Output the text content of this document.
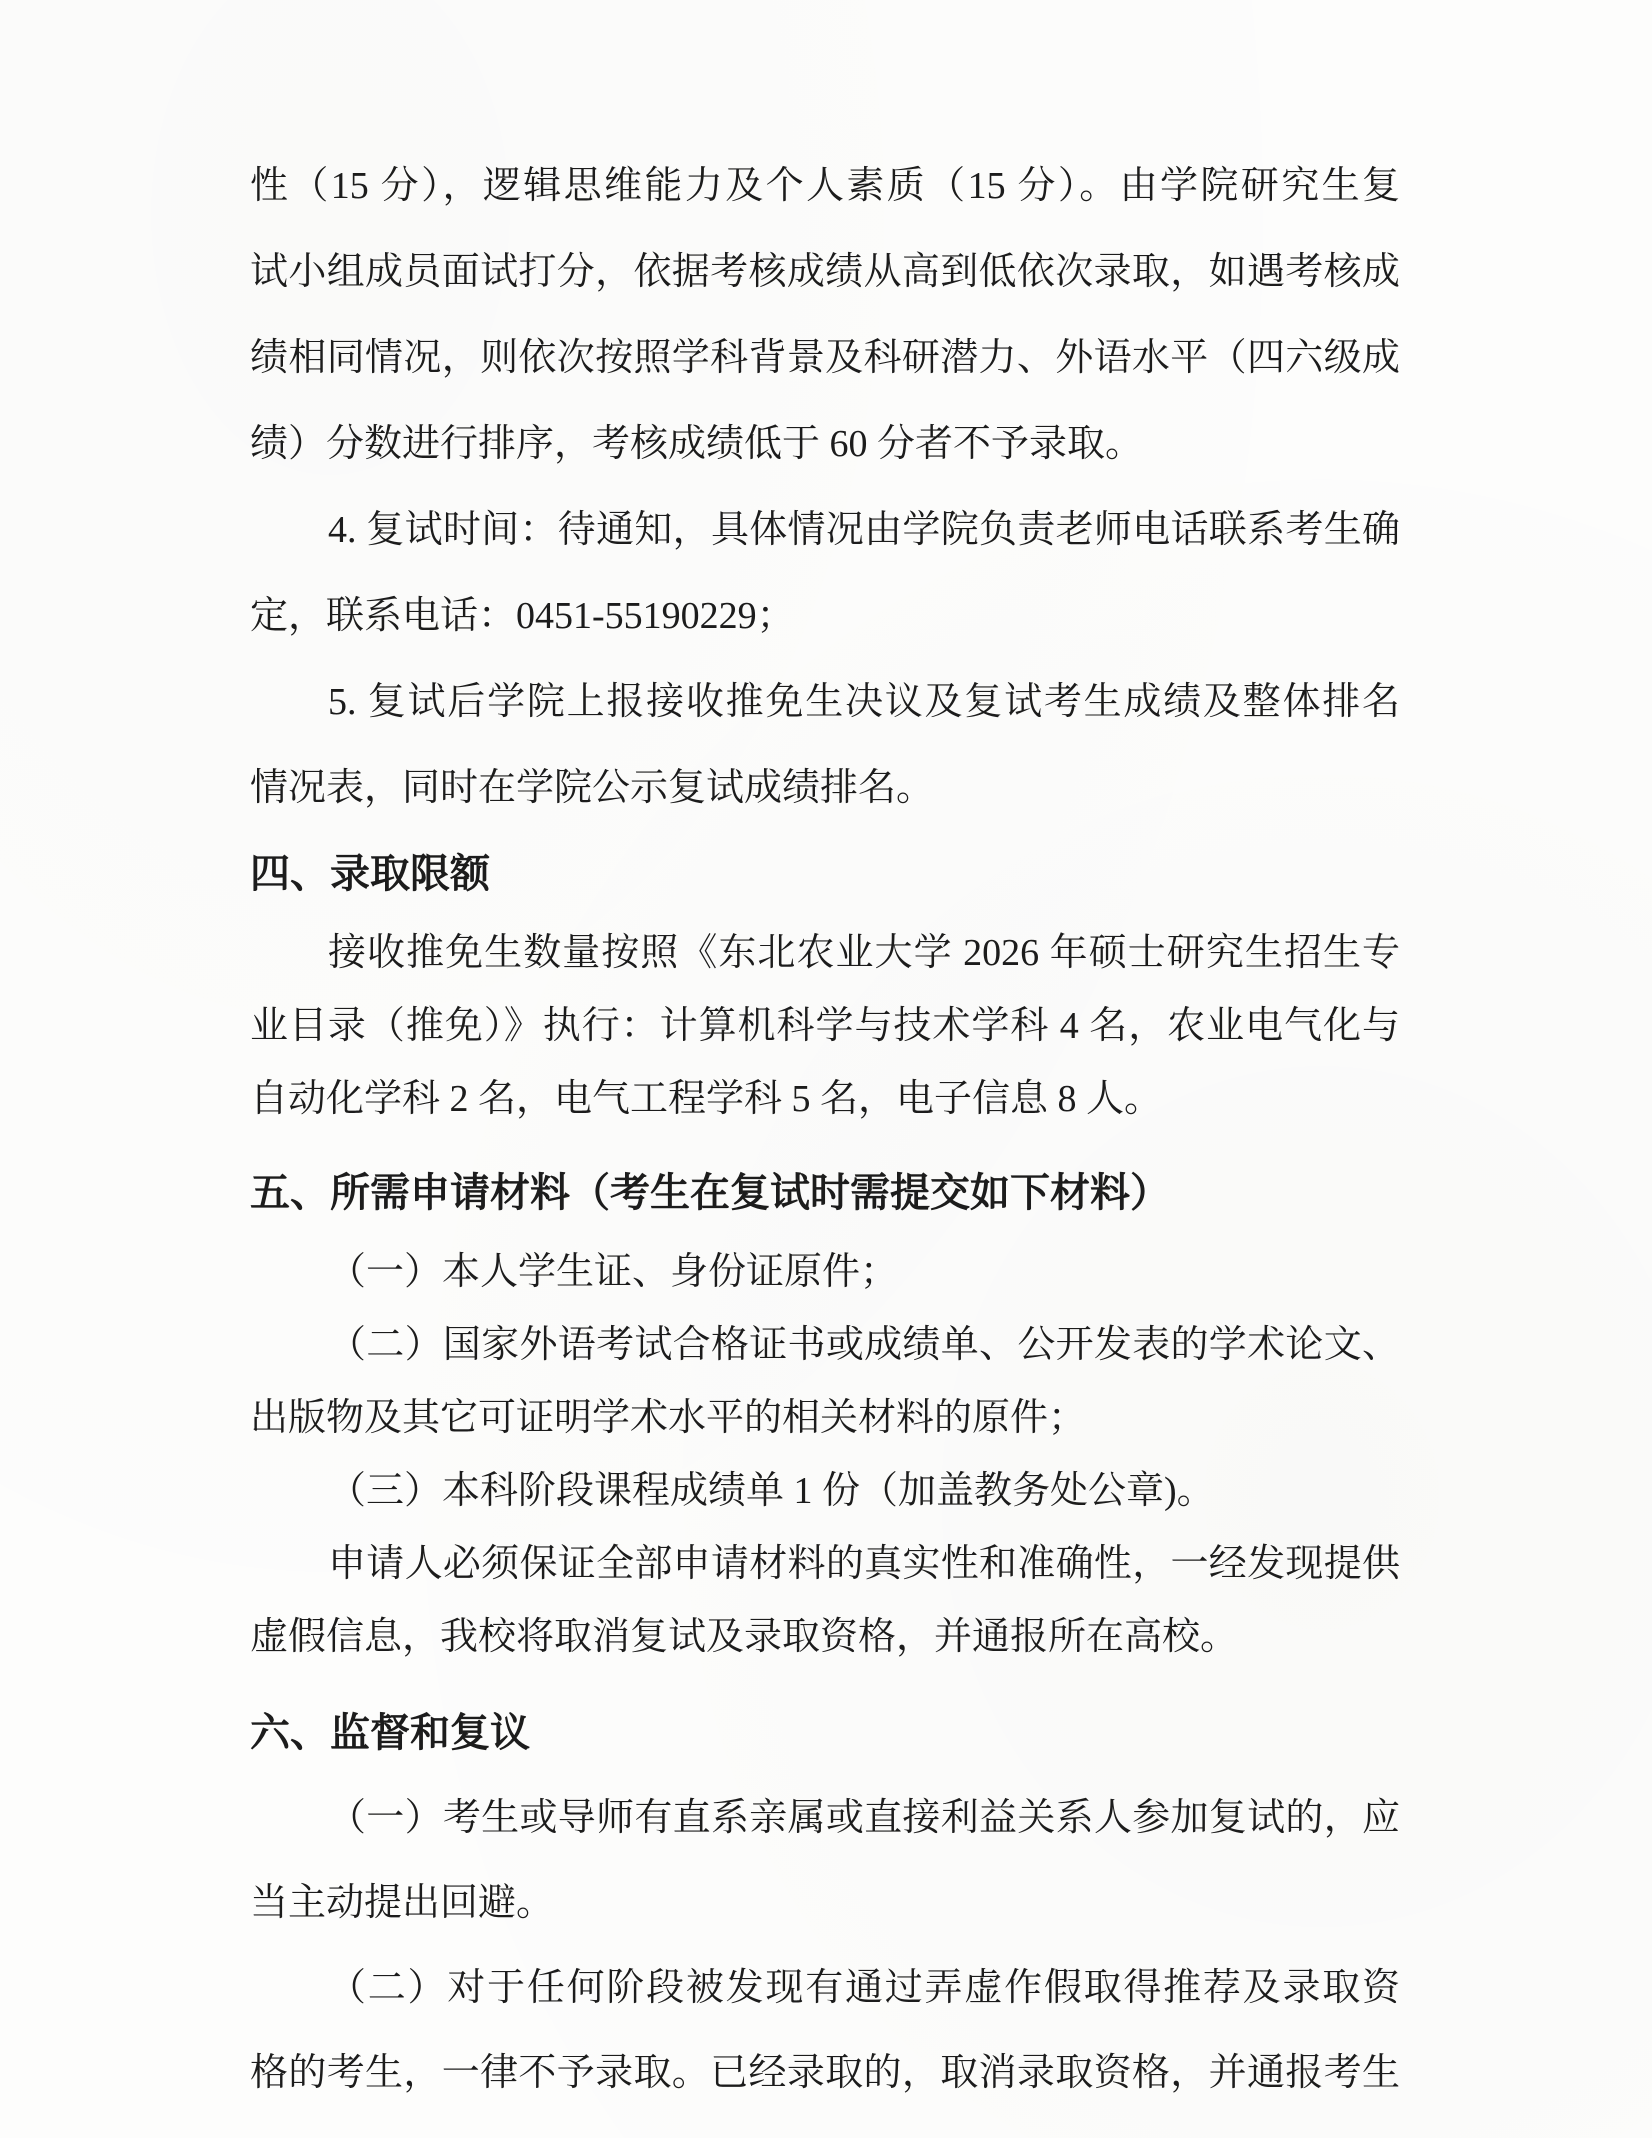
性（15 分），逻辑思维能力及个人素质（15 分）。由学院研究生复
试小组成员面试打分，依据考核成绩从高到低依次录取，如遇考核成
绩相同情况，则依次按照学科背景及科研潜力、外语水平（四六级成
绩）分数进行排序，考核成绩低于 60 分者不予录取。
4. 复试时间：待通知，具体情况由学院负责老师电话联系考生确
定，联系电话：0451-55190229；
5. 复试后学院上报接收推免生决议及复试考生成绩及整体排名
情况表，同时在学院公示复试成绩排名。
四、录取限额
接收推免生数量按照《东北农业大学 2026 年硕士研究生招生专
业目录（推免）》执行：计算机科学与技术学科 4 名，农业电气化与
自动化学科 2 名，电气工程学科 5 名，电子信息 8 人。
五、所需申请材料（考生在复试时需提交如下材料）
（一）本人学生证、身份证原件；
（二）国家外语考试合格证书或成绩单、公开发表的学术论文、
出版物及其它可证明学术水平的相关材料的原件；
（三）本科阶段课程成绩单 1 份（加盖教务处公章)。
申请人必须保证全部申请材料的真实性和准确性，一经发现提供
虚假信息，我校将取消复试及录取资格，并通报所在高校。
六、监督和复议
（一）考生或导师有直系亲属或直接利益关系人参加复试的，应
当主动提出回避。
（二）对于任何阶段被发现有通过弄虚作假取得推荐及录取资
格的考生，一律不予录取。已经录取的，取消录取资格，并通报考生
